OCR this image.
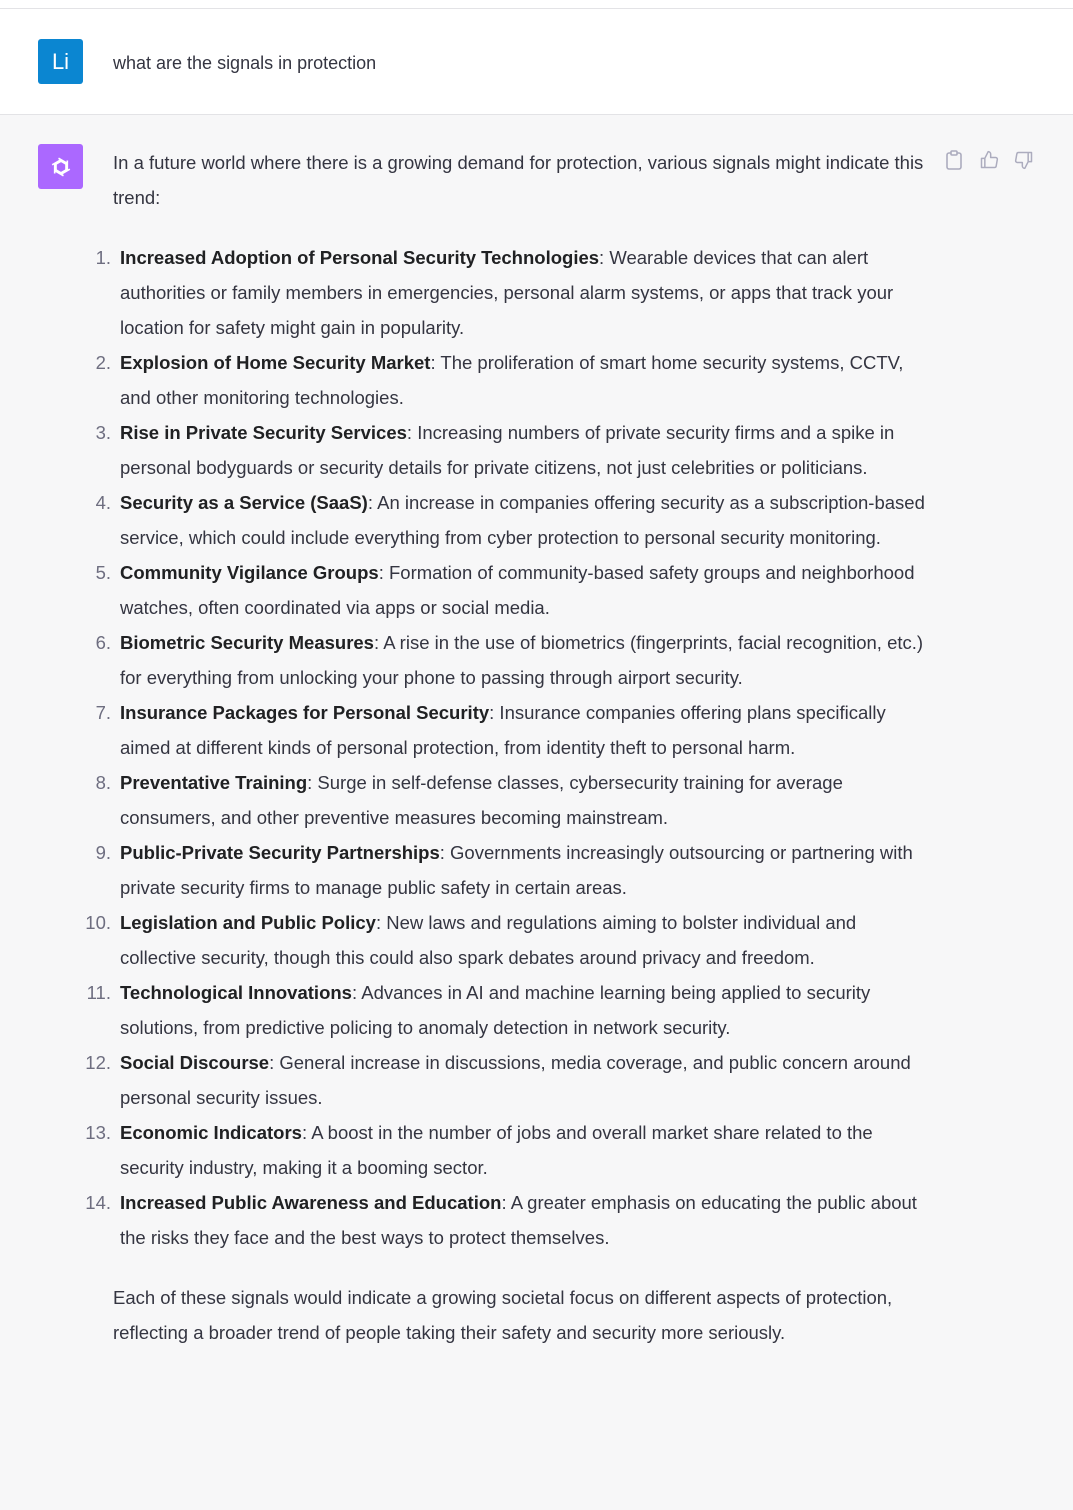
Li	what are the signals in protection

In a future world where there is a growing demand for protection, various signals might indicate this trend:

1. Increased Adoption of Personal Security Technologies: Wearable devices that can alert authorities or family members in emergencies, personal alarm systems, or apps that track your location for safety might gain in popularity.
2. Explosion of Home Security Market: The proliferation of smart home security systems, CCTV, and other monitoring technologies.
3. Rise in Private Security Services: Increasing numbers of private security firms and a spike in personal bodyguards or security details for private citizens, not just celebrities or politicians.
4. Security as a Service (SaaS): An increase in companies offering security as a subscription-based service, which could include everything from cyber protection to personal security monitoring.
5. Community Vigilance Groups: Formation of community-based safety groups and neighborhood watches, often coordinated via apps or social media.
6. Biometric Security Measures: A rise in the use of biometrics (fingerprints, facial recognition, etc.) for everything from unlocking your phone to passing through airport security.
7. Insurance Packages for Personal Security: Insurance companies offering plans specifically aimed at different kinds of personal protection, from identity theft to personal harm.
8. Preventative Training: Surge in self-defense classes, cybersecurity training for average consumers, and other preventive measures becoming mainstream.
9. Public-Private Security Partnerships: Governments increasingly outsourcing or partnering with private security firms to manage public safety in certain areas.
10. Legislation and Public Policy: New laws and regulations aiming to bolster individual and collective security, though this could also spark debates around privacy and freedom.
11. Technological Innovations: Advances in AI and machine learning being applied to security solutions, from predictive policing to anomaly detection in network security.
12. Social Discourse: General increase in discussions, media coverage, and public concern around personal security issues.
13. Economic Indicators: A boost in the number of jobs and overall market share related to the security industry, making it a booming sector.
14. Increased Public Awareness and Education: A greater emphasis on educating the public about the risks they face and the best ways to protect themselves.

Each of these signals would indicate a growing societal focus on different aspects of protection, reflecting a broader trend of people taking their safety and security more seriously.
